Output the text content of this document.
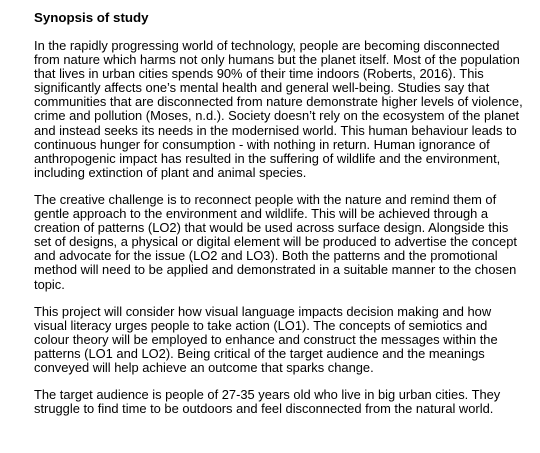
Synopsis of study

In the rapidly progressing world of technology, people are becoming disconnected from nature which harms not only humans but the planet itself. Most of the population that lives in urban cities spends 90% of their time indoors (Roberts, 2016). This significantly affects one’s mental health and general well-being. Studies say that communities that are disconnected from nature demonstrate higher levels of violence, crime and pollution (Moses, n.d.). Society doesn’t rely on the ecosystem of the planet and instead seeks its needs in the modernised world. This human behaviour leads to continuous hunger for consumption - with nothing in return. Human ignorance of anthropogenic impact has resulted in the suffering of wildlife and the environment, including extinction of plant and animal species.

The creative challenge is to reconnect people with the nature and remind them of gentle approach to the environment and wildlife. This will be achieved through a creation of patterns (LO2) that would be used across surface design. Alongside this set of designs, a physical or digital element will be produced to advertise the concept and advocate for the issue (LO2 and LO3). Both the patterns and the promotional method will need to be applied and demonstrated in a suitable manner to the chosen topic.

This project will consider how visual language impacts decision making and how visual literacy urges people to take action (LO1). The concepts of semiotics and colour theory will be employed to enhance and construct the messages within the patterns (LO1 and LO2). Being critical of the target audience and the meanings conveyed will help achieve an outcome that sparks change.

The target audience is people of 27-35 years old who live in big urban cities. They struggle to find time to be outdoors and feel disconnected from the natural world.
